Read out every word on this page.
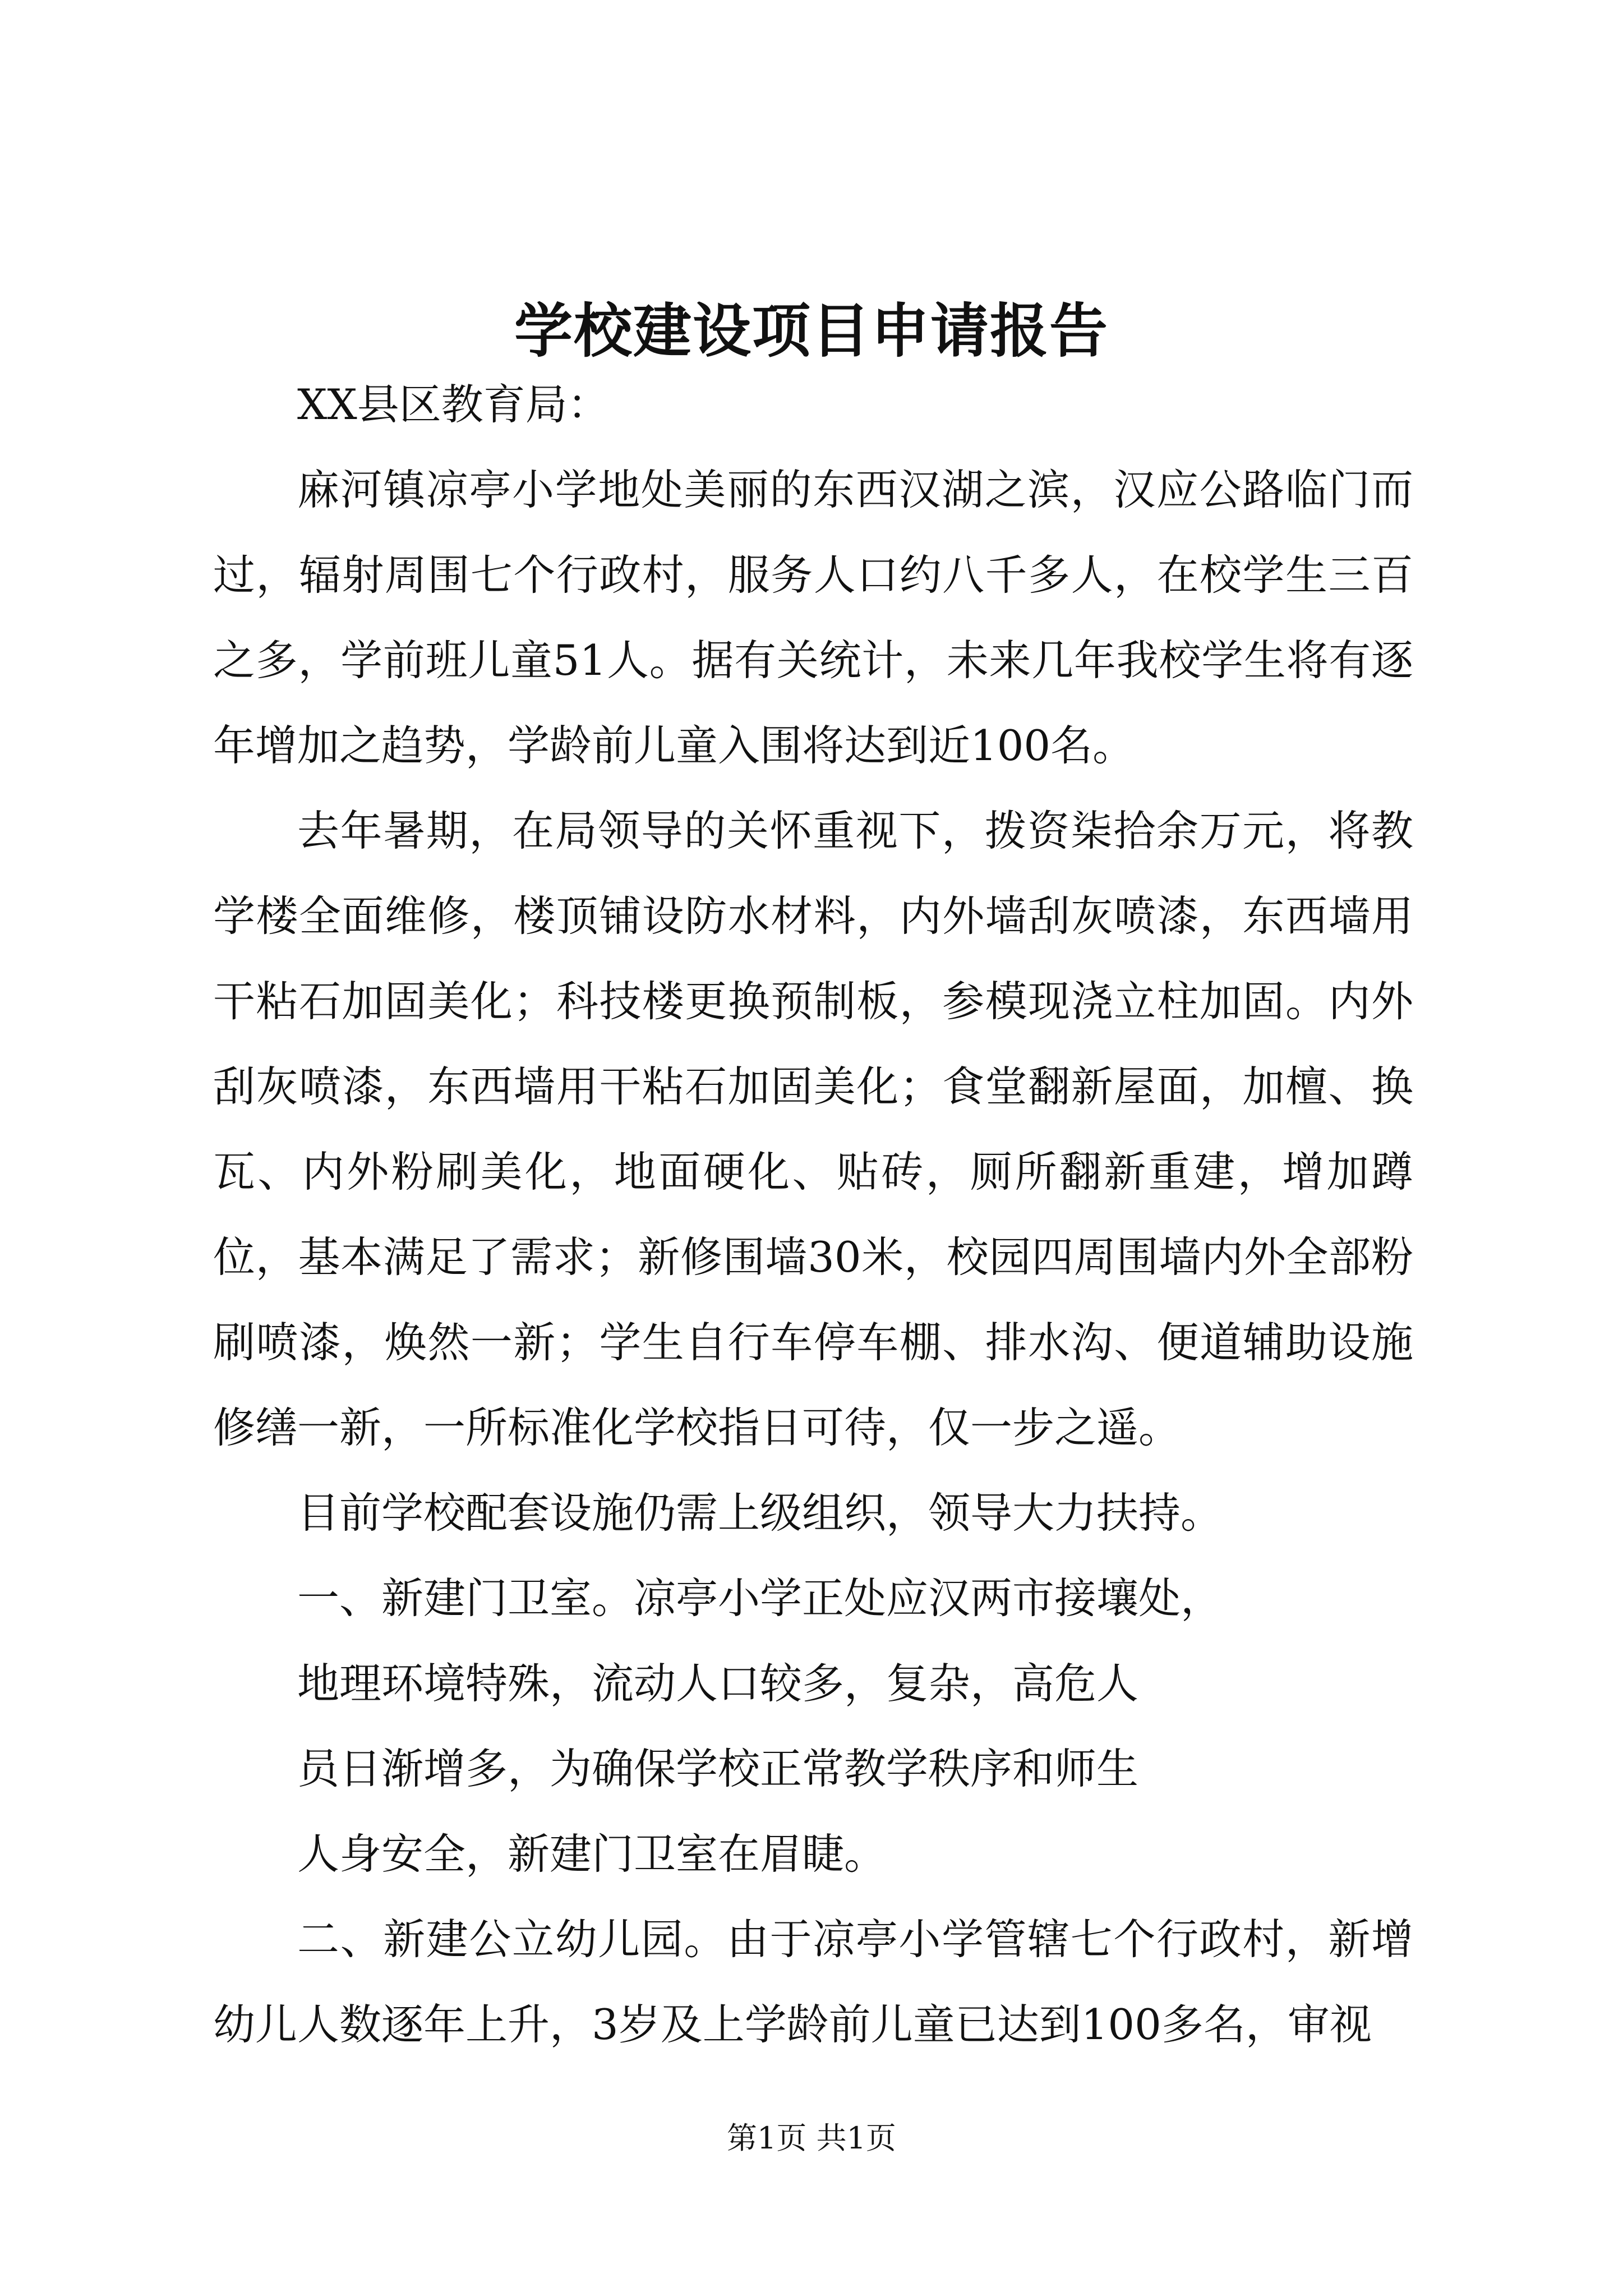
学校建设项目申请报告

XX县区教育局：

麻河镇凉亭小学地处美丽的东西汉湖之滨，汉应公路临门而过，辐射周围七个行政村，服务人口约八千多人，在校学生三百之多，学前班儿童51人。据有关统计，未来几年我校学生将有逐年增加之趋势，学龄前儿童入围将达到近100名。

去年暑期，在局领导的关怀重视下，拨资柒拾余万元，将教学楼全面维修，楼顶铺设防水材料，内外墙刮灰喷漆，东西墙用干粘石加固美化；科技楼更换预制板，参模现浇立柱加固。内外刮灰喷漆，东西墙用干粘石加固美化；食堂翻新屋面，加檀、换瓦、内外粉刷美化，地面硬化、贴砖，厕所翻新重建，增加蹲位，基本满足了需求；新修围墙30米，校园四周围墙内外全部粉刷喷漆，焕然一新；学生自行车停车棚、排水沟、便道辅助设施修缮一新，一所标准化学校指日可待，仅一步之遥。

目前学校配套设施仍需上级组织，领导大力扶持。

一、新建门卫室。凉亭小学正处应汉两市接壤处，

地理环境特殊，流动人口较多，复杂，高危人

员日渐增多，为确保学校正常教学秩序和师生

人身安全，新建门卫室在眉睫。

二、新建公立幼儿园。由于凉亭小学管辖七个行政村，新增幼儿人数逐年上升，3岁及上学龄前儿童已达到100多名，审视

第1页 共1页
